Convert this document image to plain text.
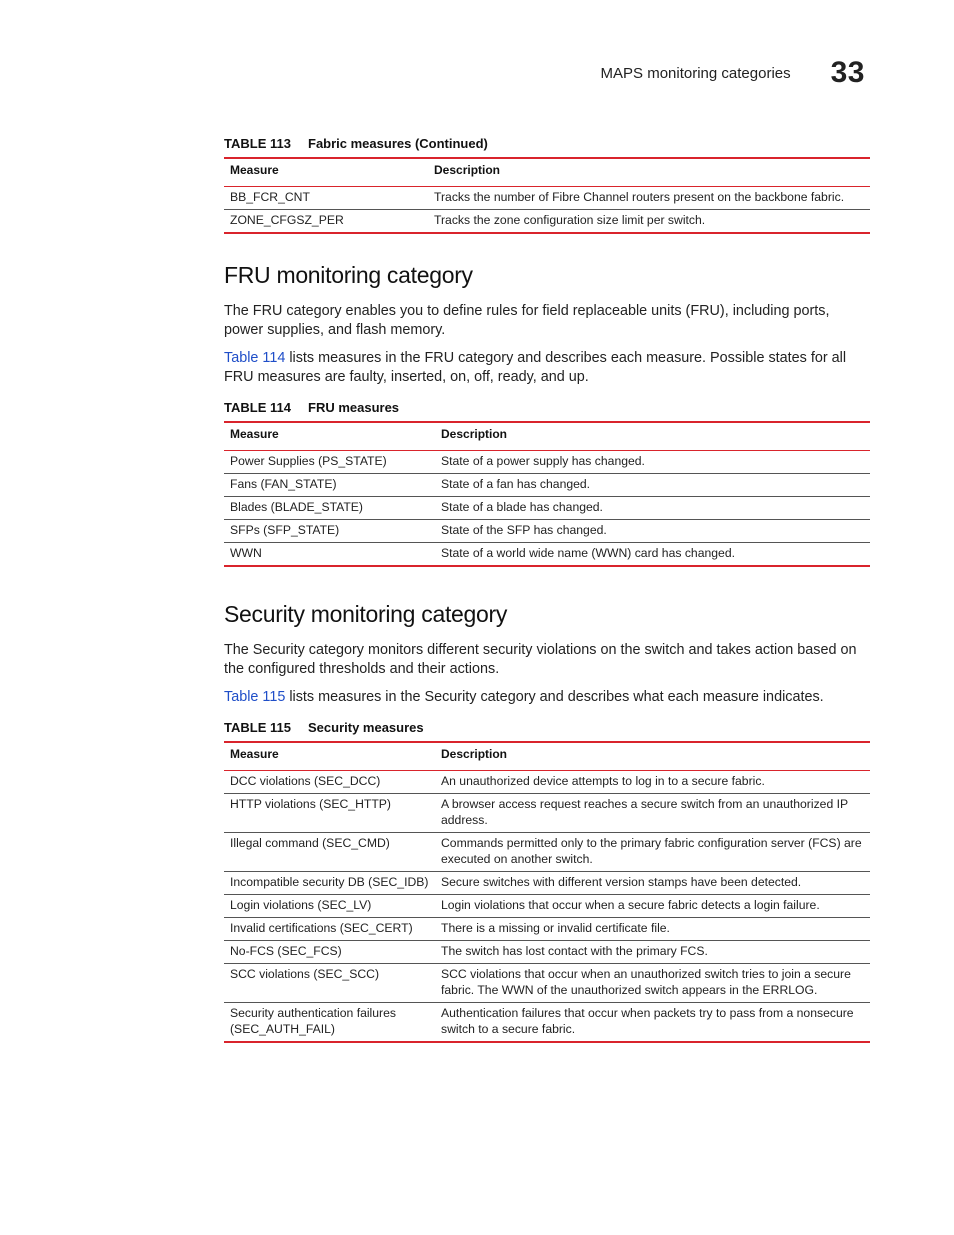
MAPS monitoring categories 33
TABLE 113 Fabric measures (Continued)
Measure	Description
BB_FCR_CNT	Tracks the number of Fibre Channel routers present on the backbone fabric.
ZONE_CFGSZ_PER	Tracks the zone configuration size limit per switch.
FRU monitoring category

The FRU category enables you to define rules for field replaceable units (FRU), including ports, power supplies, and flash memory.

Table 114 lists measures in the FRU category and describes each measure. Possible states for all FRU measures are faulty, inserted, on, off, ready, and up.

TABLE 114 FRU measures
Measure	Description
Power Supplies (PS_STATE)	State of a power supply has changed.
Fans (FAN_STATE)	State of a fan has changed.
Blades (BLADE_STATE)	State of a blade has changed.
SFPs (SFP_STATE)	State of the SFP has changed.
WWN	State of a world wide name (WWN) card has changed.
Security monitoring category

The Security category monitors different security violations on the switch and takes action based on the configured thresholds and their actions.

Table 115 lists measures in the Security category and describes what each measure indicates.

TABLE 115 Security measures
Measure	Description
DCC violations (SEC_DCC)	An unauthorized device attempts to log in to a secure fabric.
HTTP violations (SEC_HTTP)	A browser access request reaches a secure switch from an unauthorized IP address.
Illegal command (SEC_CMD)	Commands permitted only to the primary fabric configuration server (FCS) are executed on another switch.
Incompatible security DB (SEC_IDB)	Secure switches with different version stamps have been detected.
Login violations (SEC_LV)	Login violations that occur when a secure fabric detects a login failure.
Invalid certifications (SEC_CERT)	There is a missing or invalid certificate file.
No-FCS (SEC_FCS)	The switch has lost contact with the primary FCS.
SCC violations (SEC_SCC)	SCC violations that occur when an unauthorized switch tries to join a secure fabric. The WWN of the unauthorized switch appears in the ERRLOG.
Security authentication failures (SEC_AUTH_FAIL)	Authentication failures that occur when packets try to pass from a nonsecure switch to a secure fabric.
